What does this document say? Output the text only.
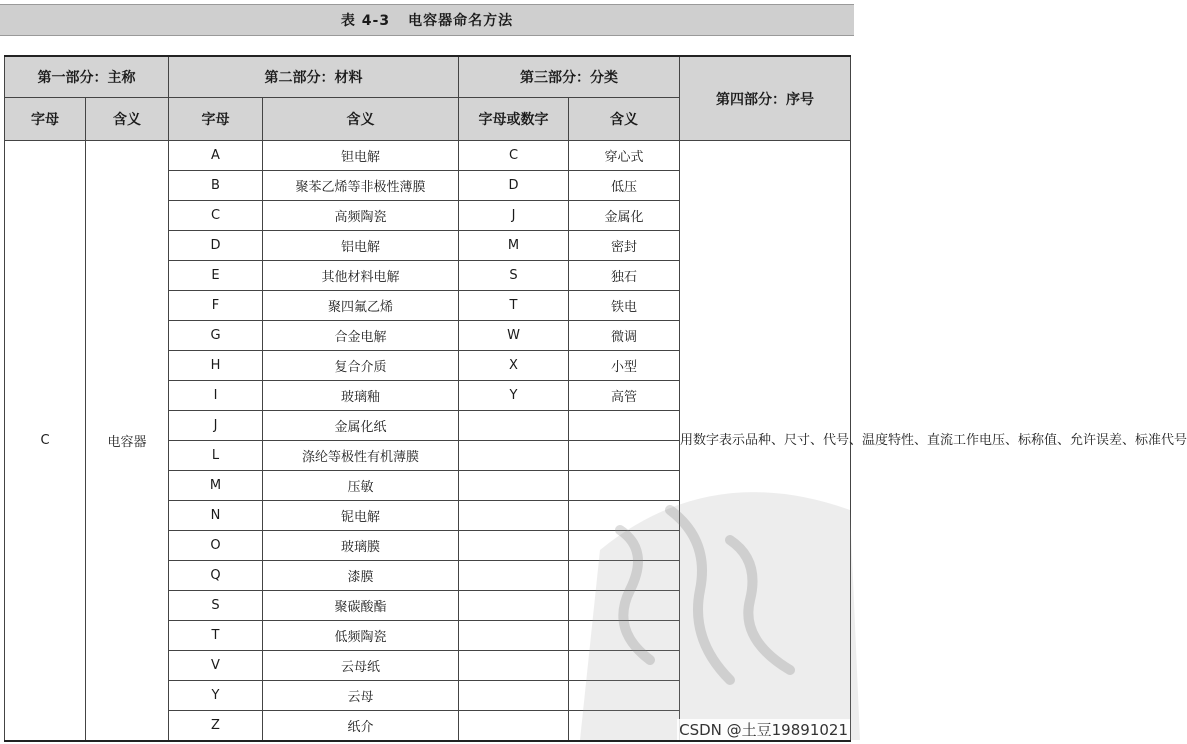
表 4-3 电容器命名方法
第一部分：主称		第二部分：材料		第三部分：分类		第四部分：序号
字母	含义	字母	含义	字母或数字	含义	
C	电容器	A	钽电解	C	穿心式	用数字表示品种、尺寸、代号、温度特性、直流工作电压、标称值、允许误差、标准代号
		B	聚苯乙烯等非极性薄膜	D	低压	
		C	高频陶瓷	J	金属化	
		D	铝电解	M	密封	
		E	其他材料电解	S	独石	
		F	聚四氟乙烯	T	铁电	
		G	合金电解	W	微调	
		H	复合介质	X	小型	
		I	玻璃釉	Y	高管	
		J	金属化纸			
		L	涤纶等极性有机薄膜			
		M	压敏			
		N	铌电解			
		O	玻璃膜			
		Q	漆膜			
		S	聚碳酸酯			
		T	低频陶瓷			
		V	云母纸			
		Y	云母			
		Z	纸介				CSDN @土豆19891021
